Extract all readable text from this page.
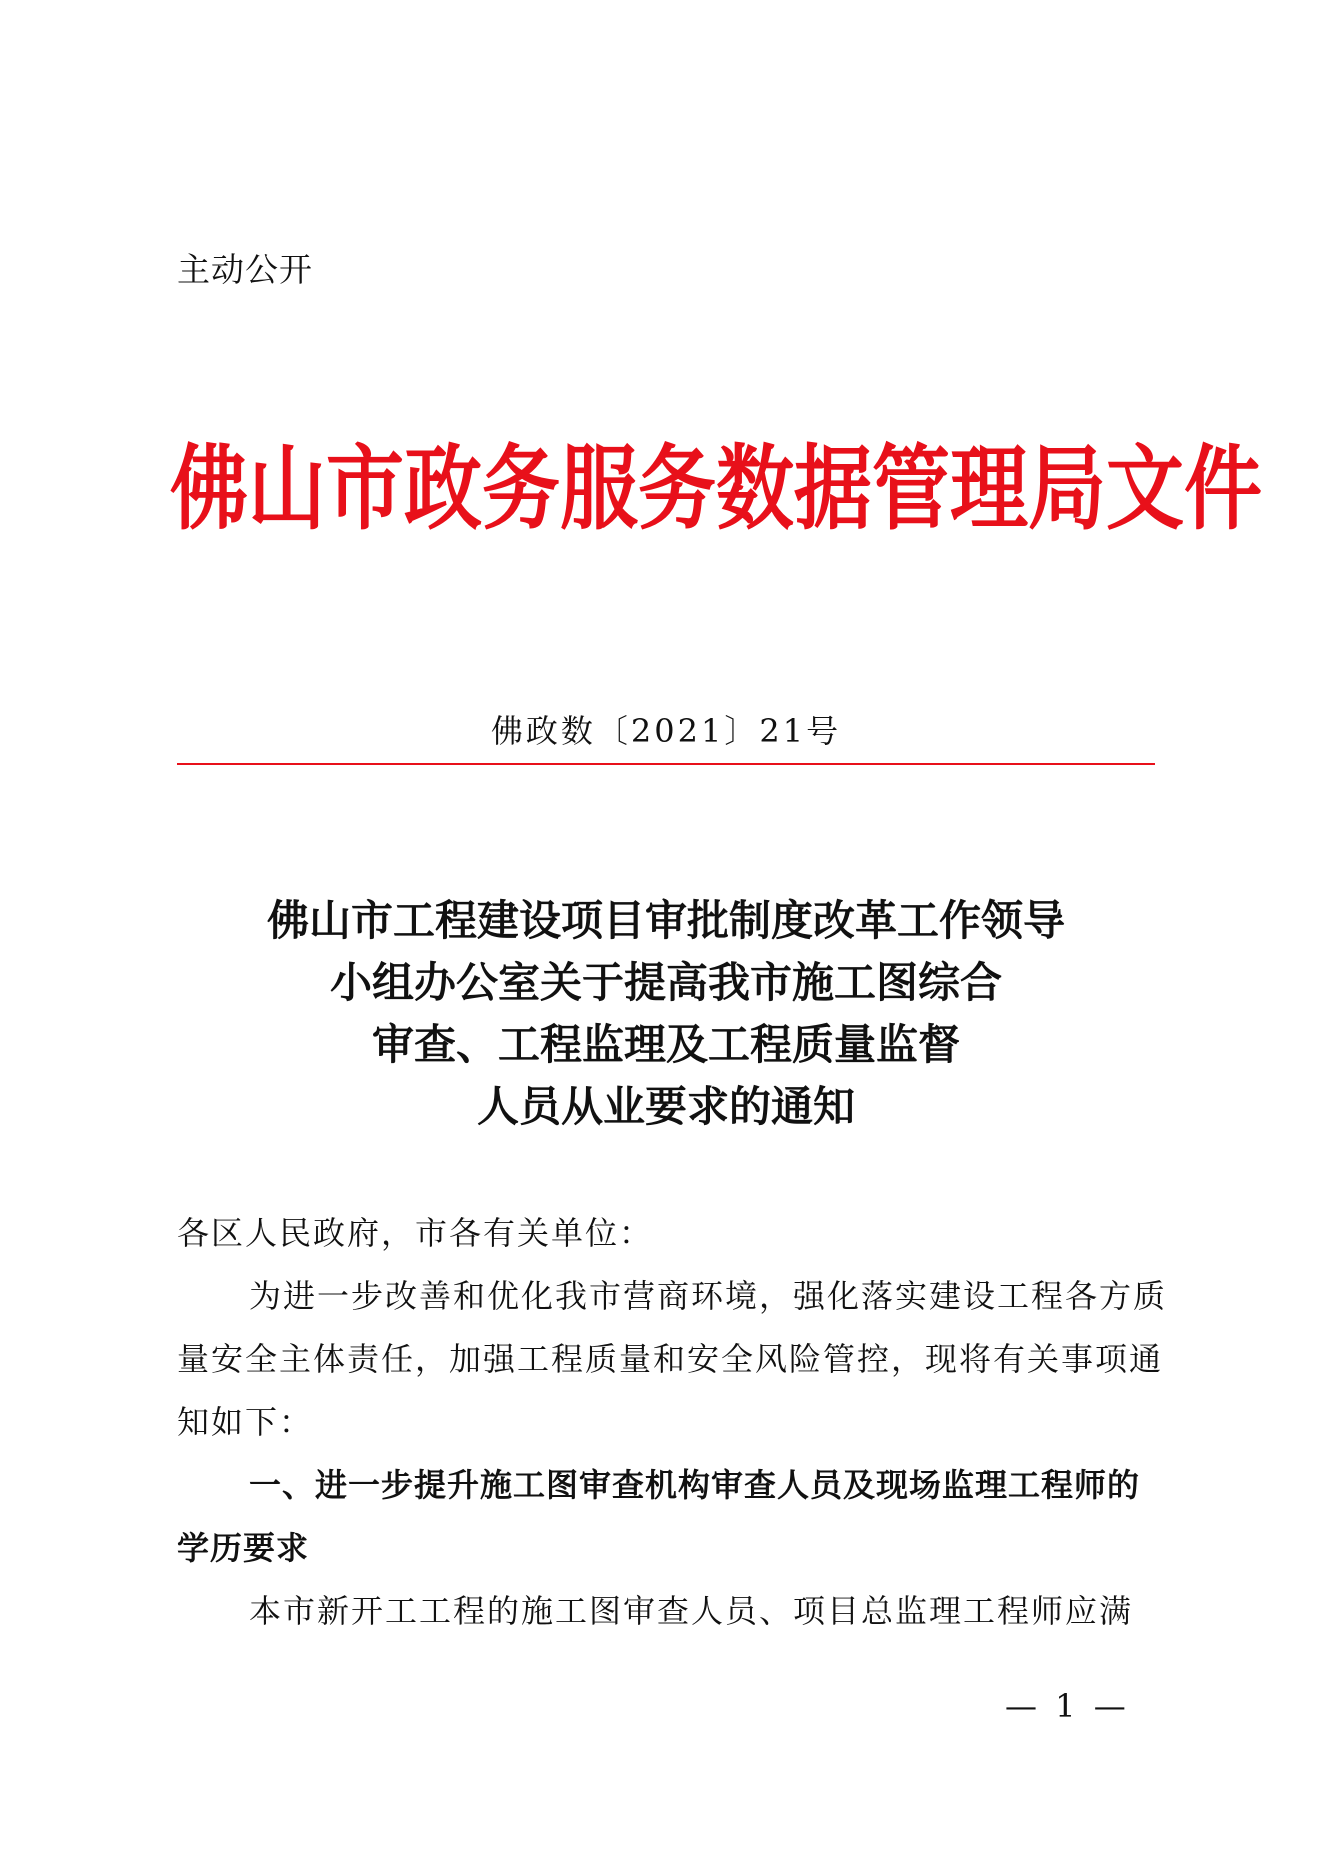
主动公开
佛山市政务服务数据管理局文件
佛政数〔2021〕21号
佛山市工程建设项目审批制度改革工作领导
小组办公室关于提高我市施工图综合
审查、工程监理及工程质量监督
人员从业要求的通知

各区人民政府，市各有关单位：

为进一步改善和优化我市营商环境，强化落实建设工程各方质量安全主体责任，加强工程质量和安全风险管控，现将有关事项通知如下：

一、进一步提升施工图审查机构审查人员及现场监理工程师的学历要求

本市新开工工程的施工图审查人员、项目总监理工程师应满

— 1 —
